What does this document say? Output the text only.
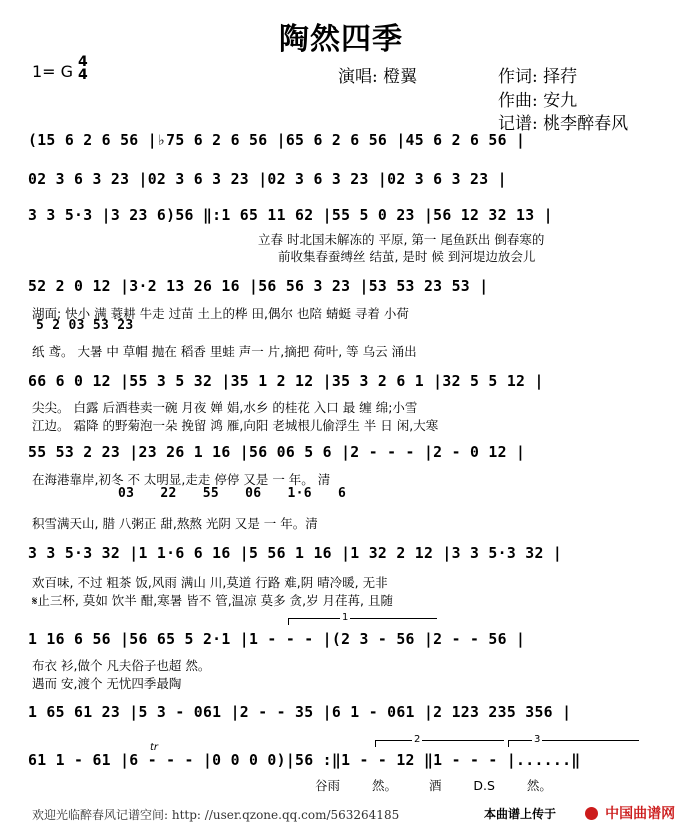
陶然四季
1= G 4
4	演唱: 橙翼	作词: 择荇
作曲: 安九
记谱: 桃李醉春风
(15 6 2 6 56 |♭75 6 2 6 56 |65 6 2 6 56 |45 6 2 6 56 |
02 3 6 3 23 |02 3 6 3 23 |02 3 6 3 23 |02 3 6 3 23 |
3 3 5·3 |3 23 6)56 ‖:1 65 11 62 |55 5 0 23 |56 12 32 13 |
立春 时北国未解冻的 平原, 第一 尾鱼跃出 倒春寒的
前收集春蚕缚丝 结茧, 是时 候 到河堤边放会儿
52 2 0 12 |3·2 13 26 16 |56 56 3 23 |53 53 23 53 |
湖面; 快小 满 蓑耕 牛走 过苗 土上的桦 田,偶尔 也陪 蜻蜓 寻着 小荷
5 2 03 53 23
纸 鸢。 大暑 中 草帽 抛在 稻香 里蛙 声一 片,摘把 荷叶, 等 乌云 涌出
66 6 0 12 |55 3 5 32 |35 1 2 12 |35 3 2 6 1 |32 5 5 12 |
尖尖。 白露 后酒巷卖一碗 月夜 婵 娟,水乡 的桂花 入口 最 缠 绵;小雪
江边。 霜降 的野菊泡一朵 挽留 鸿 雁,向阳 老城根儿偷浮生 半 日 闲,大寒
55 53 2 23 |23 26 1 16 |56 06 5 6 |2 - - - |2 - 0 12 |
在海港靠岸,初冬 不 太明显,走走 停停 又是 一 年。 清
03 22 55 06 1·6 6
积雪满天山, 腊 八粥正 甜,熬熬 光阴 又是 一 年。清
3 3 5·3 32 |1 1·6 6 16 |5 56 1 16 |1 32 2 12 |3 3 5·3 32 |
欢百味, 不过 粗茶 饭,风雨 满山 川,莫道 行路 难,阴 晴冷暖, 无非
𝄋止三杯, 莫如 饮半 酣,寒暑 皆不 管,温凉 莫多 贪,岁 月荏苒, 且随
1
1 16 6 56 |56 65 5 2·1 |1 - - - |(2 3 - 56 |2 - - 56 |
布衣 衫,做个 凡夫俗子也超 然。
遇而 安,渡个 无忧四季最陶
1 65 61 23 |5 3 - 061 |2 - - 35 |6 1 - 061 |2 123 235 356 |
2	3
tr
61 1 - 61 |6 - - - |0 0 0 0)|56 :‖1 - - 12 ‖1 - - - |......‖
谷雨 然。 酒 D.S 然。
欢迎光临醉春风记谱空间: http: //user.qzone.qq.com/563264185	本曲谱上传于	中国曲谱网
